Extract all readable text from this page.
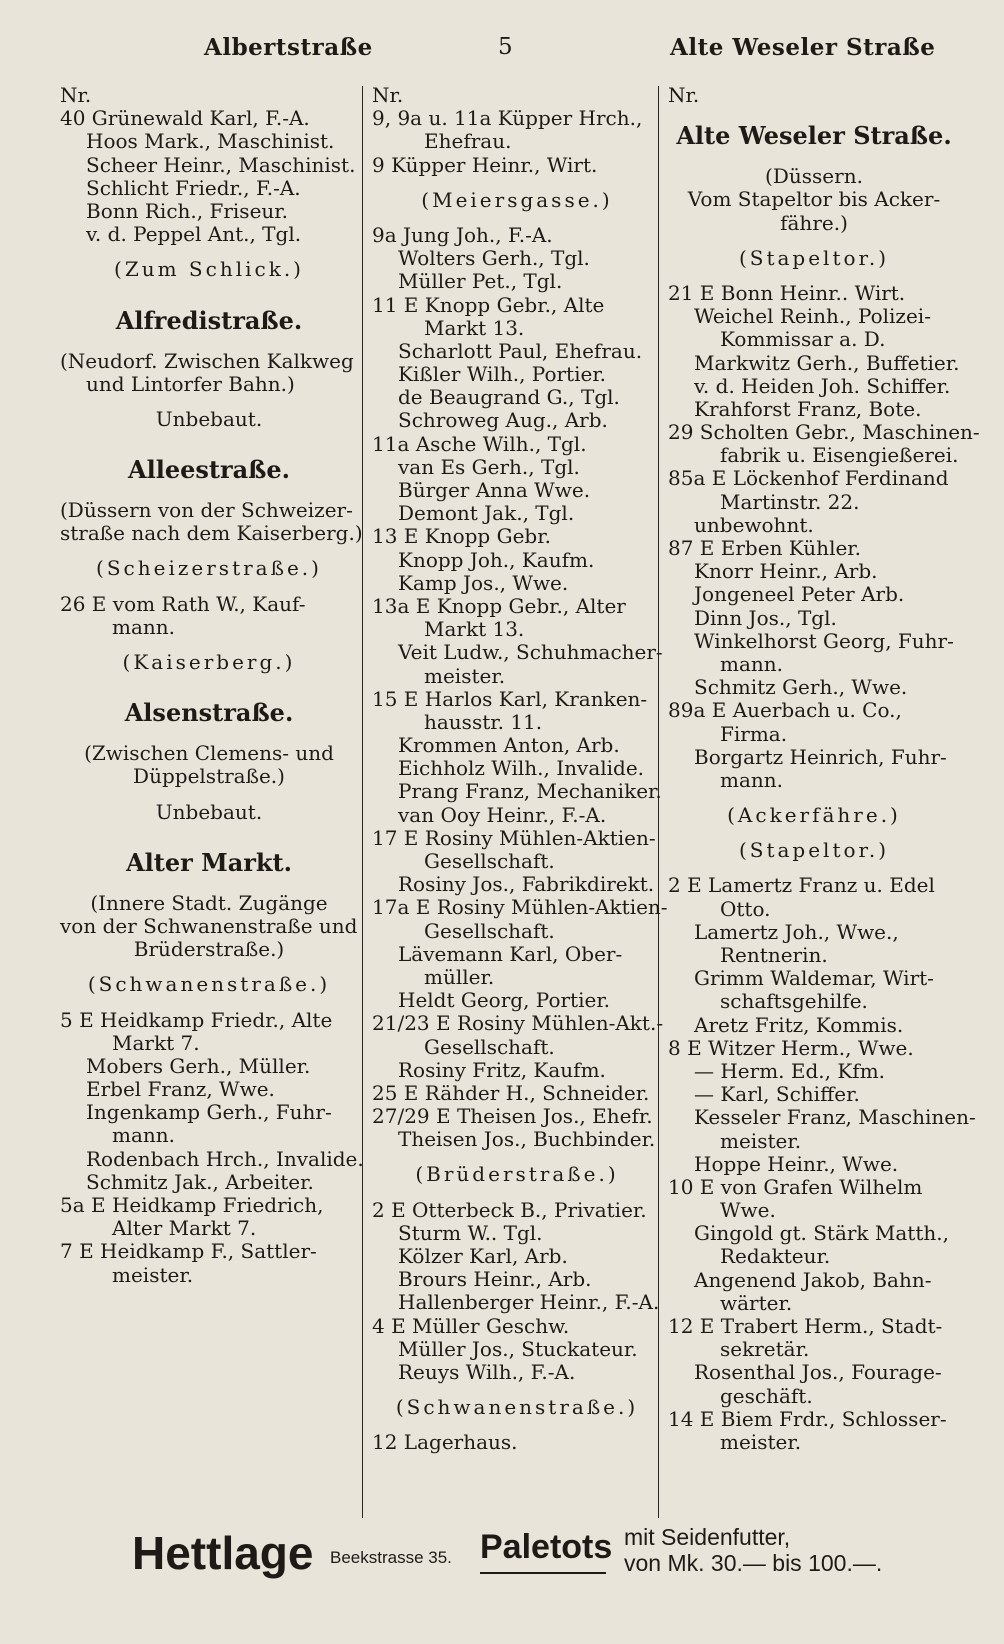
Albertstraße	5	Alte Weseler Straße
Nr.
40 Grünewald Karl, F.-A.
Hoos Mark., Maschinist.
Scheer Heinr., Maschinist.
Schlicht Friedr., F.-A.
Bonn Rich., Friseur.
v. d. Peppel Ant., Tgl.
(Zum Schlick.)
Alfredistraße.
(Neudorf. Zwischen Kalkweg
und Lintorfer Bahn.)
Unbebaut.
Alleestraße.
(Düssern von der Schweizer-
straße nach dem Kaiserberg.)
(Scheizerstraße.)
26 E vom Rath W., Kauf-
mann.
(Kaiserberg.)
Alsenstraße.
(Zwischen Clemens- und
Düppelstraße.)
Unbebaut.
Alter Markt.
(Innere Stadt. Zugänge
von der Schwanenstraße und
Brüderstraße.)
(Schwanenstraße.)
5 E Heidkamp Friedr., Alte
Markt 7.
Mobers Gerh., Müller.
Erbel Franz, Wwe.
Ingenkamp Gerh., Fuhr-
mann.
Rodenbach Hrch., Invalide.
Schmitz Jak., Arbeiter.
5a E Heidkamp Friedrich,
Alter Markt 7.
7 E Heidkamp F., Sattler-
meister.
Nr.
9, 9a u. 11a Küpper Hrch.,
Ehefrau.
9 Küpper Heinr., Wirt.
(Meiersgasse.)
9a Jung Joh., F.-A.
Wolters Gerh., Tgl.
Müller Pet., Tgl.
11 E Knopp Gebr., Alte
Markt 13.
Scharlott Paul, Ehefrau.
Kißler Wilh., Portier.
de Beaugrand G., Tgl.
Schroweg Aug., Arb.
11a Asche Wilh., Tgl.
van Es Gerh., Tgl.
Bürger Anna Wwe.
Demont Jak., Tgl.
13 E Knopp Gebr.
Knopp Joh., Kaufm.
Kamp Jos., Wwe.
13a E Knopp Gebr., Alter
Markt 13.
Veit Ludw., Schuhmacher-
meister.
15 E Harlos Karl, Kranken-
hausstr. 11.
Krommen Anton, Arb.
Eichholz Wilh., Invalide.
Prang Franz, Mechaniker.
van Ooy Heinr., F.-A.
17 E Rosiny Mühlen-Aktien-
Gesellschaft.
Rosiny Jos., Fabrikdirekt.
17a E Rosiny Mühlen-Aktien-
Gesellschaft.
Lävemann Karl, Ober-
müller.
Heldt Georg, Portier.
21/23 E Rosiny Mühlen-Akt.-
Gesellschaft.
Rosiny Fritz, Kaufm.
25 E Rähder H., Schneider.
27/29 E Theisen Jos., Ehefr.
Theisen Jos., Buchbinder.
(Brüderstraße.)
2 E Otterbeck B., Privatier.
Sturm W.. Tgl.
Kölzer Karl, Arb.
Brours Heinr., Arb.
Hallenberger Heinr., F.-A.
4 E Müller Geschw.
Müller Jos., Stuckateur.
Reuys Wilh., F.-A.
(Schwanenstraße.)
12 Lagerhaus.
Nr.
Alte Weseler Straße.
(Düssern.
Vom Stapeltor bis Acker-
fähre.)
(Stapeltor.)
21 E Bonn Heinr.. Wirt.
Weichel Reinh., Polizei-
Kommissar a. D.
Markwitz Gerh., Buffetier.
v. d. Heiden Joh. Schiffer.
Krahforst Franz, Bote.
29 Scholten Gebr., Maschinen-
fabrik u. Eisengießerei.
85a E Löckenhof Ferdinand
Martinstr. 22.
unbewohnt.
87 E Erben Kühler.
Knorr Heinr., Arb.
Jongeneel Peter Arb.
Dinn Jos., Tgl.
Winkelhorst Georg, Fuhr-
mann.
Schmitz Gerh., Wwe.
89a E Auerbach u. Co.,
Firma.
Borgartz Heinrich, Fuhr-
mann.
(Ackerfähre.)
(Stapeltor.)
2 E Lamertz Franz u. Edel
Otto.
Lamertz Joh., Wwe.,
Rentnerin.
Grimm Waldemar, Wirt-
schaftsgehilfe.
Aretz Fritz, Kommis.
8 E Witzer Herm., Wwe.
— Herm. Ed., Kfm.
— Karl, Schiffer.
Kesseler Franz, Maschinen-
meister.
Hoppe Heinr., Wwe.
10 E von Grafen Wilhelm
Wwe.
Gingold gt. Stärk Matth.,
Redakteur.
Angenend Jakob, Bahn-
wärter.
12 E Trabert Herm., Stadt-
sekretär.
Rosenthal Jos., Fourage-
geschäft.
14 E Biem Frdr., Schlosser-
meister.
Hettlage Beekstrasse 35. Paletots mit Seidenfutter,
von Mk. 30.— bis 100.—.
